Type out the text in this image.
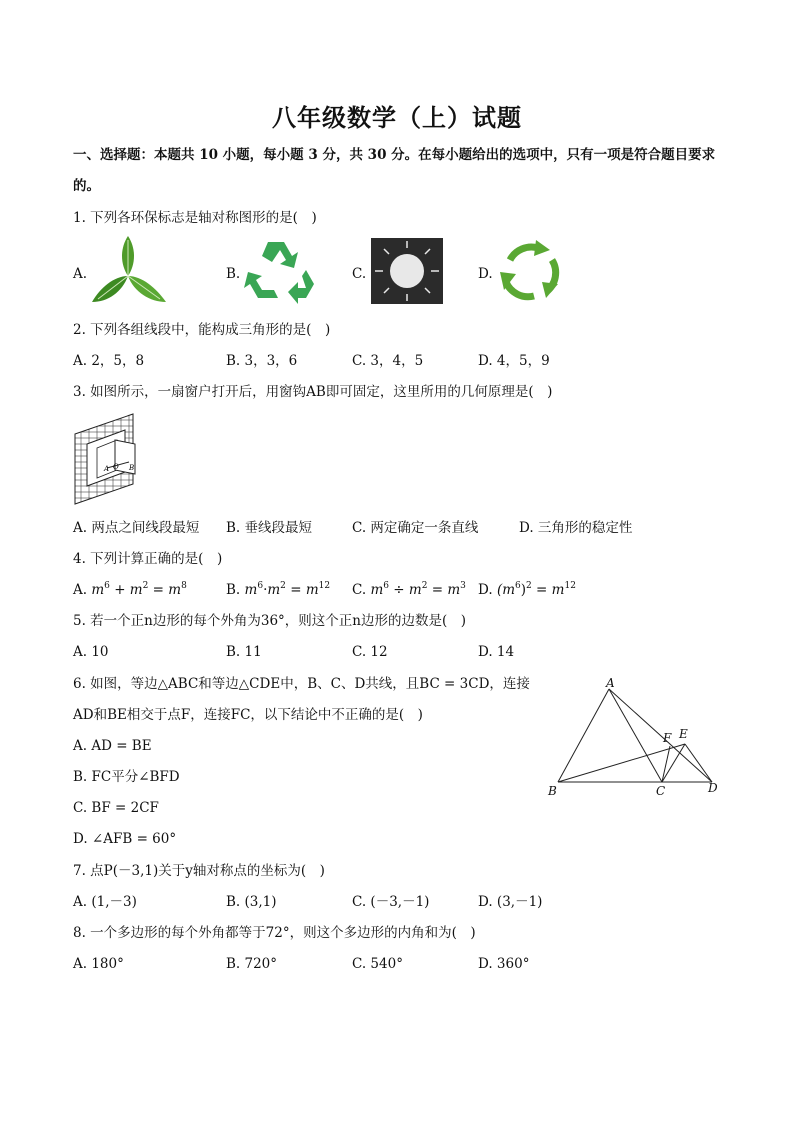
八年级数学（上）试题
一、选择题：本题共 10 小题，每小题 3 分，共 30 分。在每小题给出的选项中，只有一项是符合题目要求
的。
1. 下列各环保标志是轴对称图形的是(　)
A.	B.	C.	D.
2. 下列各组线段中，能构成三角形的是(　)
A. 2，5，8	B. 3，3，6	C. 3，4，5	D. 4，5，9
3. 如图所示，一扇窗户打开后，用窗钩AB即可固定，这里所用的几何原理是(　)
A O B
A. 两点之间线段最短 B. 垂线段最短	C. 两定确定一条直线	D. 三角形的稳定性
4. 下列计算正确的是(　)
A. $m^6 + m^2 = m^8$	B. $m^6\cdot m^2 = m^{12}$ C. $m^6 \div m^2 = m^3$ D. $(m^6)^2 = m^{12}$
5. 若一个正n边形的每个外角为36°，则这个正n边形的边数是(　)
A. 10	B. 11	C. 12	D. 14
6. 如图，等边△ABC和等边△CDE中，B、C、D共线，且BC = 3CD，连接
AD和BE相交于点F，连接FC，以下结论中不正确的是(　)
A. AD = BE
B. FC平分∠BFD
C. BF = 2CF
D. ∠AFB = 60°
A
B	C	D
E
F
7. 点P(－3,1)关于y轴对称点的坐标为(　)
A. (1,－3)	B. (3,1)	C. (－3,－1)	D. (3,－1)
8. 一个多边形的每个外角都等于72°，则这个多边形的内角和为(　)
A. 180°	B. 720°	C. 540°	D. 360°
